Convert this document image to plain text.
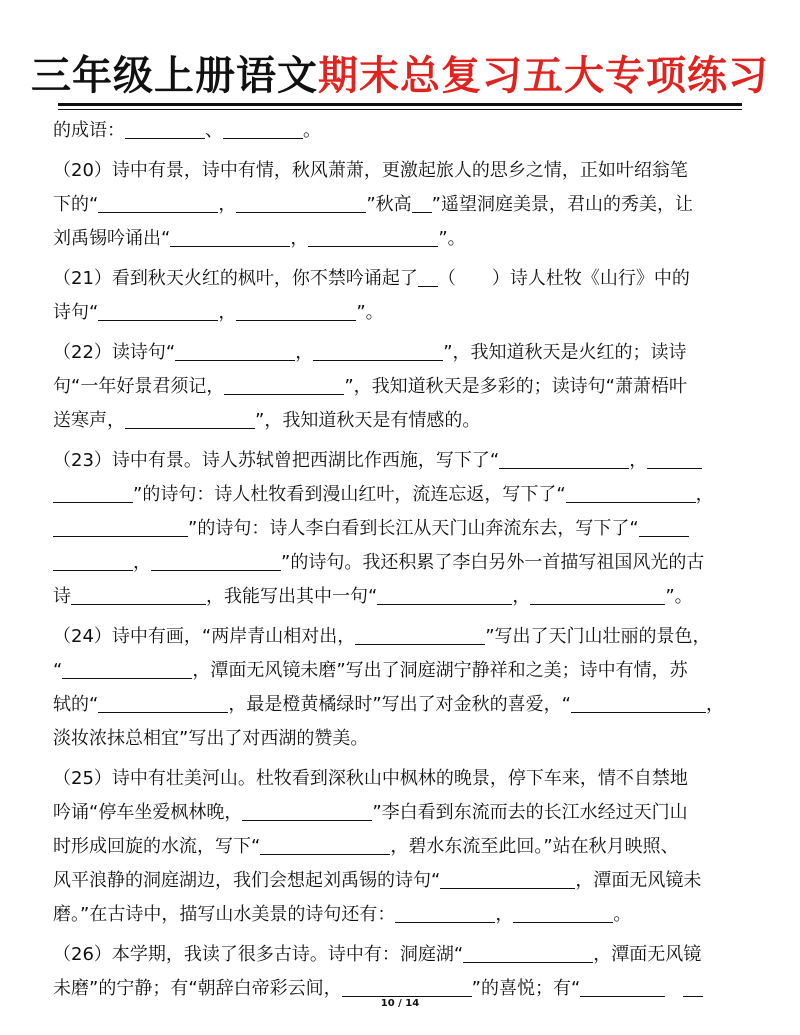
三年级上册语文期末总复习五大专项练习
的成语：	、	。
（20）诗中有景，诗中有情，秋风萧萧，更激起旅人的思乡之情，正如叶绍翁笔
下的“	，	”秋高 ”遥望洞庭美景，君山的秀美，让
刘禹锡吟诵出“	，	”。
（21）看到秋天火红的枫叶，你不禁吟诵起了 （　　）诗人杜牧《山行》中的
诗句“	，	”。
（22）读诗句“	，	”，我知道秋天是火红的；读诗
句“一年好景君须记，	”，我知道秋天是多彩的；读诗句“萧萧梧叶
送寒声，	”，我知道秋天是有情感的。
（23）诗中有景。诗人苏轼曾把西湖比作西施，写下了“	，
”的诗句：诗人杜牧看到漫山红叶，流连忘返，写下了“	，
”的诗句：诗人李白看到长江从天门山奔流东去，写下了“
，	”的诗句。我还积累了李白另外一首描写祖国风光的古
诗	，我能写出其中一句“	，	”。
（24）诗中有画，“两岸青山相对出，	”写出了天门山壮丽的景色，
“	，潭面无风镜未磨”写出了洞庭湖宁静祥和之美；诗中有情，苏
轼的“	，最是橙黄橘绿时”写出了对金秋的喜爱，“	，
淡妆浓抹总相宜”写出了对西湖的赞美。
（25）诗中有壮美河山。杜牧看到深秋山中枫林的晚景，停下车来，情不自禁地
吟诵“停车坐爱枫林晚，	”李白看到东流而去的长江水经过天门山
时形成回旋的水流，写下“	，碧水东流至此回。”站在秋月映照、
风平浪静的洞庭湖边，我们会想起刘禹锡的诗句“	，潭面无风镜未
磨。”在古诗中，描写山水美景的诗句还有：	，	。
（26）本学期，我读了很多古诗。诗中有：洞庭湖“	，潭面无风镜
未磨”的宁静；有“朝辞白帝彩云间，	”的喜悦；有“　
10 / 14
